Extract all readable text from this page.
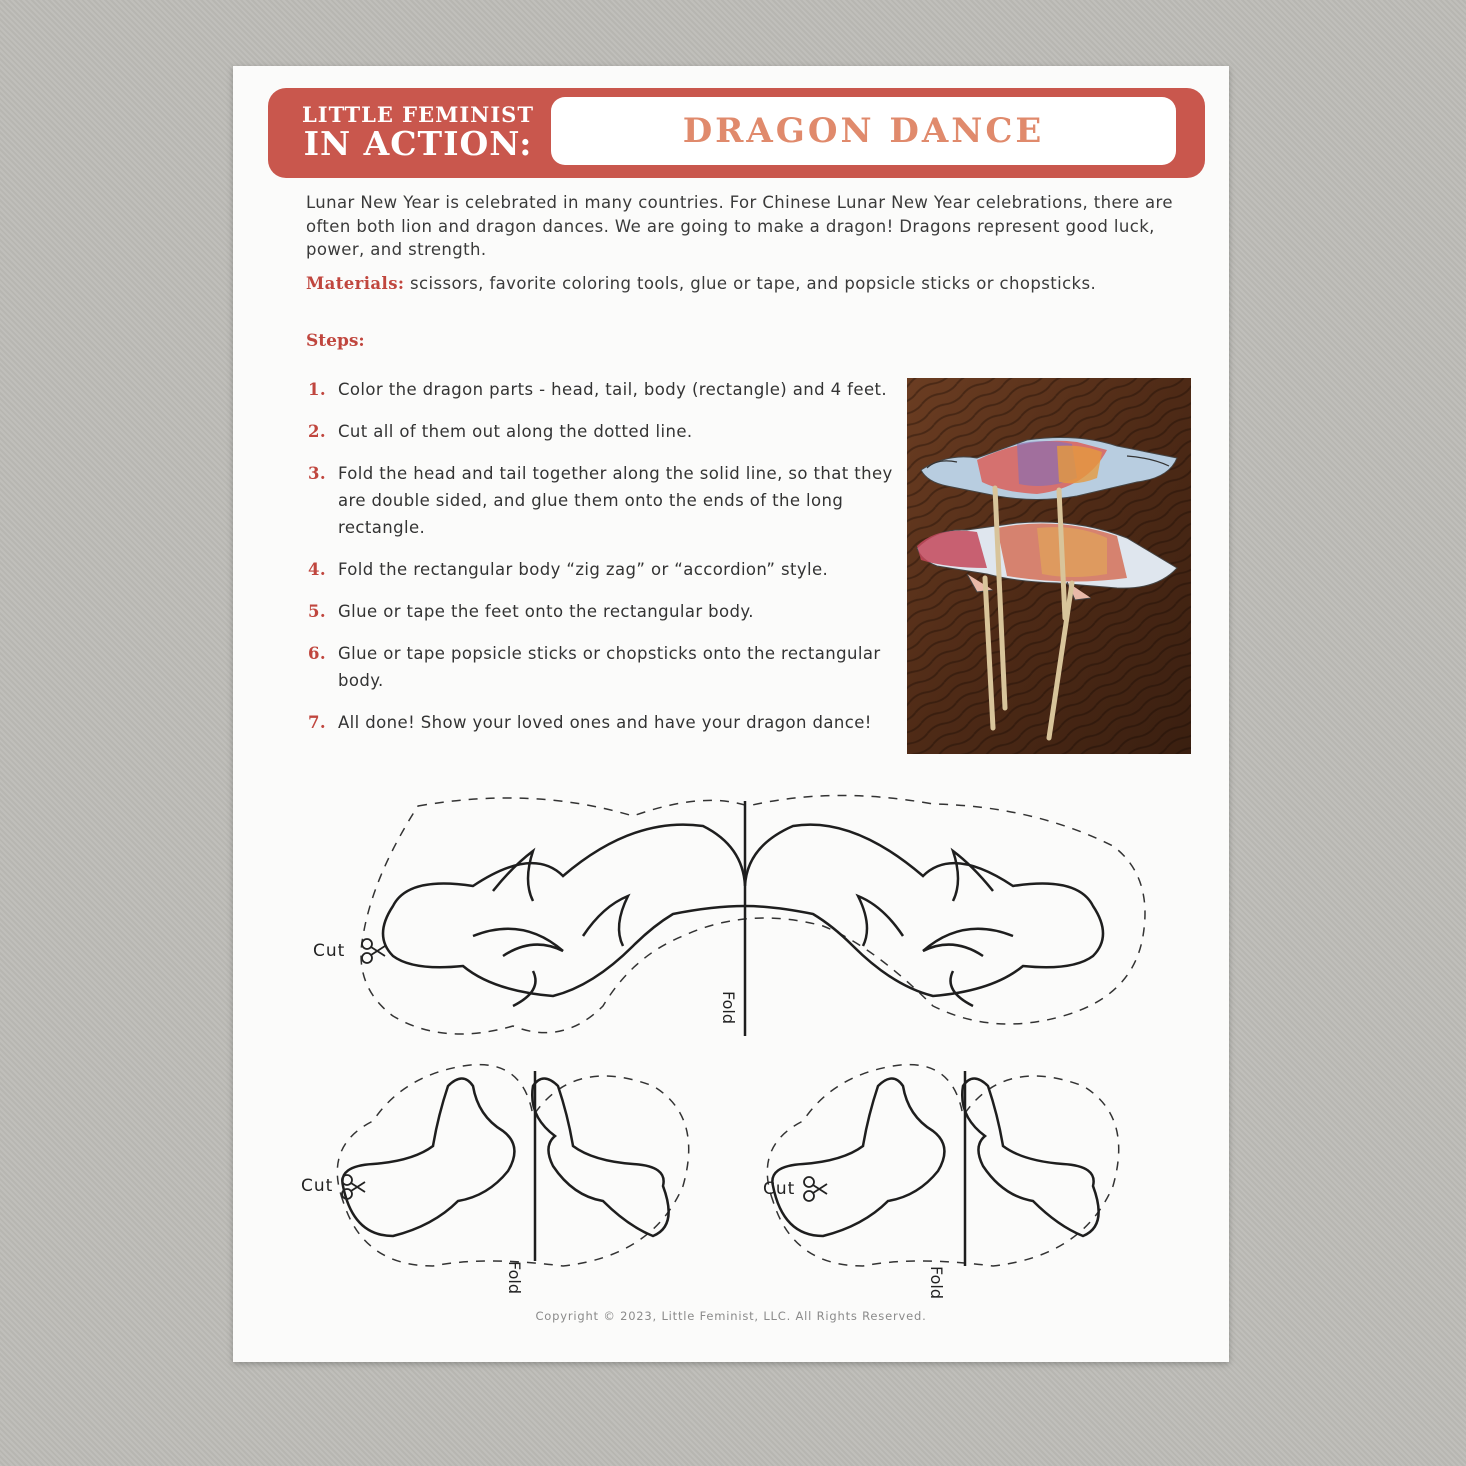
LITTLE FEMINIST
IN ACTION:	DRAGON DANCE
Lunar New Year is celebrated in many countries. For Chinese Lunar New Year celebrations, there are often both lion and dragon dances. We are going to make a dragon! Dragons represent good luck, power, and strength.
Materials: scissors, favorite coloring tools, glue or tape, and popsicle sticks or chopsticks.
Steps:
1. Color the dragon parts - head, tail, body (rectangle) and 4 feet.
2. Cut all of them out along the dotted line.
3. Fold the head and tail together along the solid line, so that they are double sided, and glue them onto the ends of the long rectangle.
4. Fold the rectangular body “zig zag” or “accordion” style.
5. Glue or tape the feet onto the rectangular body.
6. Glue or tape popsicle sticks or chopsticks onto the rectangular body.
7. All done! Show your loved ones and have your dragon dance!
Cut
Fold
Cut
Fold
Cut
Fold
Copyright © 2023, Little Feminist, LLC. All Rights Reserved.
